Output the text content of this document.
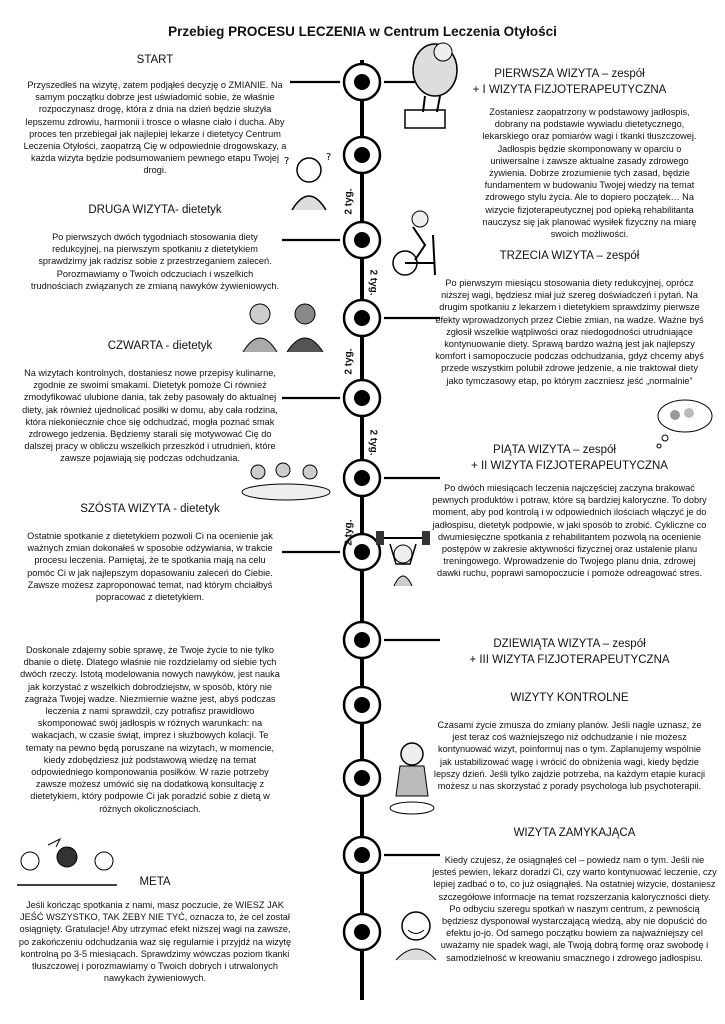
Przebieg PROCESU LECZENIA w Centrum Leczenia Otyłości
2 tyg.
2 tyg.
2 tyg.
2 tyg.
2 tyg.
START
Przyszedłeś na wizytę, zatem podjąłeś decyzję o ZMIANIE. Na samym początku dobrze jest uświadomić sobie, że właśnie rozpoczynasz drogę, która z dnia na dzień będzie służyła lepszemu zdrowiu, harmonii i trosce o własne ciało i ducha. Aby proces ten przebiegał jak najlepiej lekarze i dietetycy Centrum Leczenia Otyłości, zaopatrzą Cię w odpowiednie drogowskazy, a każda wizyta będzie podsumowaniem pewnego etapu Twojej drogi.
DRUGA WIZYTA- dietetyk
Po pierwszych dwóch tygodniach stosowania diety redukcyjnej, na pierwszym spotkaniu z dietetykiem sprawdzimy jak radzisz sobie z przestrzeganiem zaleceń. Porozmawiamy o Twoich odczuciach i wszelkich trudnościach związanych ze zmianą nawyków żywieniowych.
CZWARTA - dietetyk
Na wizytach kontrolnych, dostaniesz nowe przepisy kulinarne, zgodnie ze swoimi smakami. Dietetyk pomoże Ci również zmodyfikować ulubione dania, tak żeby pasowały do aktualnej diety, jak również ujednolicać posiłki w domu, aby cała rodzina, która niekoniecznie chce się odchudzać, mogła poznać smak zdrowego jedzenia. Będziemy starali się motywować Cię do dalszej pracy w obliczu wszelkich przeszkód i utrudnień, które zawsze pojawiają się podczas odchudzania.
SZÓSTA WIZYTA - dietetyk
Ostatnie spotkanie z dietetykiem pozwoli Ci na ocenienie jak ważnych zmian dokonałeś w sposobie odżywiania, w trakcie procesu leczenia. Pamiętaj, że te spotkania mają na celu pomóc Ci w jak najlepszym dopasowaniu zaleceń do Ciebie. Zawsze możesz zaproponować temat, nad którym chciałbyś popracować z dietetykiem.
Doskonale zdajemy sobie sprawę, że Twoje życie to nie tylko dbanie o dietę. Dlatego właśnie nie rozdzielamy od siebie tych dwóch rzeczy. Istotą modelowania nowych nawyków, jest nauka jak korzystać z wszelkich dobrodziejstw, w sposób, który nie zagraża Twojej wadze. Niezmiernie ważne jest, abyś podczas leczenia z nami sprawdził, czy potrafisz prawidłowo skomponować swój jadłospis w różnych warunkach: na wakacjach, w czasie świąt, imprez i służbowych kolacji. Te tematy na pewno będą poruszane na wizytach, w momencie, kiedy zdobędziesz już podstawową wiedzę na temat odpowiedniego komponowania posiłków. W razie potrzeby zawsze możesz umówić się na dodatkową konsultację z dietetykiem, który podpowie Ci jak poradzić sobie z dietą w różnych okolicznościach.
META
Jeśli kończąc spotkania z nami, masz poczucie, że WIESZ JAK JEŚĆ WSZYSTKO, TAK ŻEBY NIE TYĆ, oznacza to, że cel został osiągnięty. Gratulacje! Aby utrzymać efekt niższej wagi na zawsze, po zakończeniu odchudzania waż się regularnie i przyjdź na wizytę kontrolną po 3-5 miesiącach. Sprawdzimy wówczas poziom tkanki tłuszczowej i porozmawiamy o Twoich dobrych i utrwalonych nawykach żywieniowych.
PIERWSZA WIZYTA – zespół
+ I WIZYTA FIZJOTERAPEUTYCZNA
Zostaniesz zaopatrzony w podstawowy jadłospis, dobrany na podstawie wywiadu dietetycznego, lekarskiego oraz pomiarów wagi i tkanki tłuszczowej. Jadłospis będzie skomponowany w oparciu o uniwersalne i zawsze aktualne zasady zdrowego żywienia. Dobrze zrozumienie tych zasad, będzie fundamentem w budowaniu Twojej wiedzy na temat zdrowego stylu życia. Ale to dopiero początek… Na wizycie fizjoterapeutycznej pod opieką rehabilitanta nauczysz się jak planować wysiłek fizyczny na miarę swoich możliwości.
TRZECIA WIZYTA – zespół
Po pierwszym miesiącu stosowania diety redukcyjnej, oprócz niższej wagi, będziesz miał już szereg doświadczeń i pytań. Na drugim spotkaniu z lekarzem i dietetykiem sprawdzimy pierwsze efekty wprowadzonych przez Ciebie zmian, na wadze. Ważne byś zgłosił wszelkie wątpliwości oraz niedogodności utrudniające kontynuowanie diety. Sprawą bardzo ważną jest jak najlepszy komfort i samopoczucie podczas odchudzania, gdyż chcemy abyś przede wszystkim polubił zdrowe jedzenie, a nie traktował diety jako tymczasowy etap, po którym zaczniesz jeść „normalnie”
PIĄTA WIZYTA – zespół
+ II WIZYTA FIZJOTERAPEUTYCZNA
Po dwóch miesiącach leczenia najczęściej zaczyna brakować pewnych produktów i potraw, które są bardziej kaloryczne. To dobry moment, aby pod kontrolą i w odpowiednich ilościach włączyć je do jadłospisu, dietetyk podpowie, w jaki sposób to zrobić. Cykliczne co dwumiesięczne spotkania z rehabilitantem pozwolą na ocenienie postępów w zakresie aktywności fizycznej oraz ustalenie planu treningowego. Wprowadzenie do Twojego planu dnia, zdrowej dawki ruchu, poprawi samopoczucie i pomoże odreagować stres.
DZIEWIĄTA WIZYTA – zespół
+ III WIZYTA FIZJOTERAPEUTYCZNA
WIZYTY KONTROLNE
Czasami życie zmusza do zmiany planów. Jeśli nagle uznasz, że jest teraz coś ważniejszego niż odchudzanie i nie możesz kontynuować wizyt, poinformuj nas o tym. Zaplanujemy wspólnie jak ustabilizować wagę i wrócić do obniżenia wagi, kiedy będzie lepszy dzień. Jeśli tylko zajdzie potrzeba, na każdym etapie kuracji możesz u nas skorzystać z porady psychologa lub psychoterapii.
WIZYTA ZAMYKAJĄCA
Kiedy czujesz, że osiągnąłeś cel – powiedz nam o tym. Jeśli nie jesteś pewien, lekarz doradzi Ci, czy warto kontynuować leczenie, czy lepiej zadbać o to, co już osiągnąłeś. Na ostatniej wizycie, dostaniesz szczegółowe informacje na temat rozszerzania kaloryczności diety. Po odbyciu szeregu spotkań w naszym centrum, z pewnością będziesz dysponował wystarczającą wiedzą, aby nie dopuścić do efektu jo-jo. Od samego początku bowiem za najważniejszy cel uważamy nie spadek wagi, ale Twoją dobrą formę oraz swobodę i samodzielność w kreowaniu smacznego i zdrowego jadłospisu.
?	?
